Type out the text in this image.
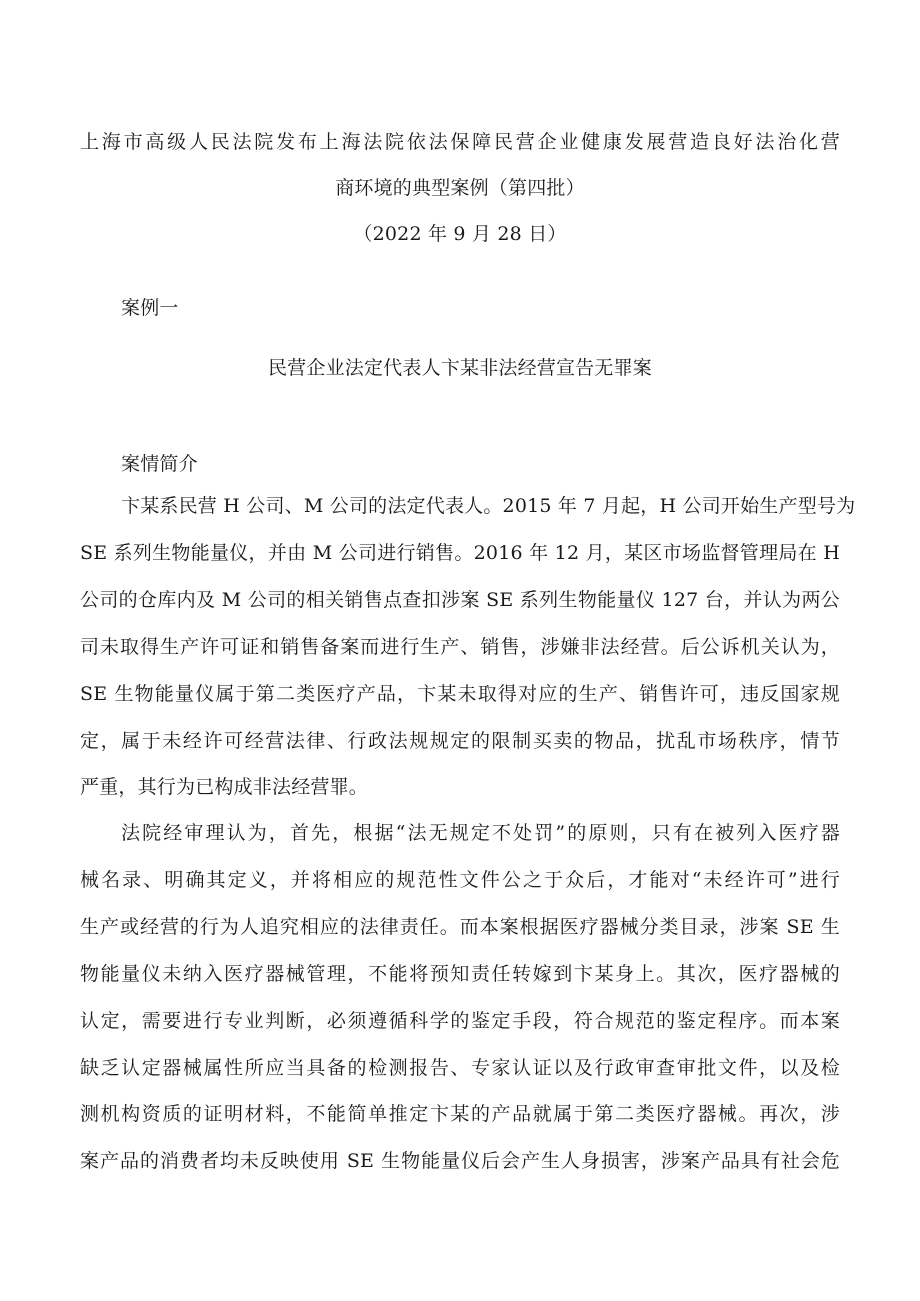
上海市高级人民法院发布上海法院依法保障民营企业健康发展营造良好法治化营
商环境的典型案例（第四批）
（2022 年 9 月 28 日）
案例一
民营企业法定代表人卞某非法经营宣告无罪案
案情简介
卞某系民营 H 公司、M 公司的法定代表人。2015 年 7 月起，H 公司开始生产型号为
SE 系列生物能量仪，并由 M 公司进行销售。2016 年 12 月，某区市场监督管理局在 H
公司的仓库内及 M 公司的相关销售点查扣涉案 SE 系列生物能量仪 127 台，并认为两公
司未取得生产许可证和销售备案而进行生产、销售，涉嫌非法经营。后公诉机关认为，
SE 生物能量仪属于第二类医疗产品，卞某未取得对应的生产、销售许可，违反国家规
定，属于未经许可经营法律、行政法规规定的限制买卖的物品，扰乱市场秩序，情节
严重，其行为已构成非法经营罪。
法院经审理认为，首先，根据“法无规定不处罚”的原则，只有在被列入医疗器
械名录、明确其定义，并将相应的规范性文件公之于众后，才能对“未经许可”进行
生产或经营的行为人追究相应的法律责任。而本案根据医疗器械分类目录，涉案 SE 生
物能量仪未纳入医疗器械管理，不能将预知责任转嫁到卞某身上。其次，医疗器械的
认定，需要进行专业判断，必须遵循科学的鉴定手段，符合规范的鉴定程序。而本案
缺乏认定器械属性所应当具备的检测报告、专家认证以及行政审查审批文件，以及检
测机构资质的证明材料，不能简单推定卞某的产品就属于第二类医疗器械。再次，涉
案产品的消费者均未反映使用 SE 生物能量仪后会产生人身损害，涉案产品具有社会危
